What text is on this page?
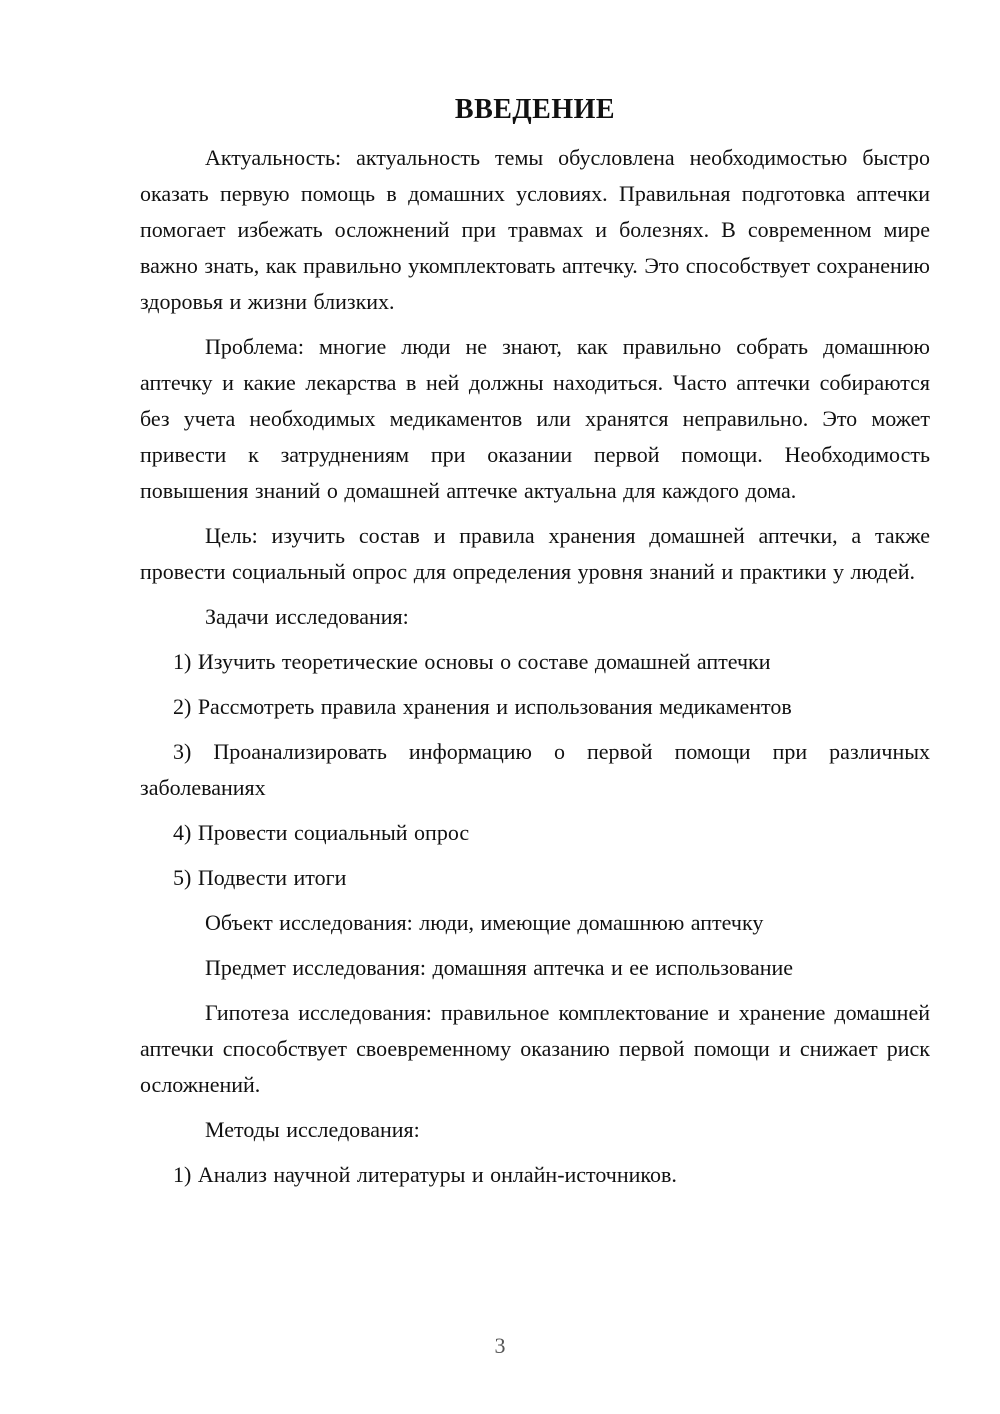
ВВЕДЕНИЕ

Актуальность: актуальность темы обусловлена необходимостью быстро оказать первую помощь в домашних условиях. Правильная подготовка аптечки помогает избежать осложнений при травмах и болезнях. В современном мире важно знать, как правильно укомплектовать аптечку. Это способствует сохранению здоровья и жизни близких.

Проблема: многие люди не знают, как правильно собрать домашнюю аптечку и какие лекарства в ней должны находиться. Часто аптечки собираются без учета необходимых медикаментов или хранятся неправильно. Это может привести к затруднениям при оказании первой помощи. Необходимость повышения знаний о домашней аптечке актуальна для каждого дома.

Цель: изучить состав и правила хранения домашней аптечки, а также провести социальный опрос для определения уровня знаний и практики у людей.

Задачи исследования:

1) Изучить теоретические основы о составе домашней аптечки

2) Рассмотреть правила хранения и использования медикаментов

3) Проанализировать информацию о первой помощи при различных заболеваниях

4) Провести социальный опрос

5) Подвести итоги

Объект исследования: люди, имеющие домашнюю аптечку

Предмет исследования: домашняя аптечка и ее использование

Гипотеза исследования: правильное комплектование и хранение домашней аптечки способствует своевременному оказанию первой помощи и снижает риск осложнений.

Методы исследования:

1) Анализ научной литературы и онлайн-источников.

3
